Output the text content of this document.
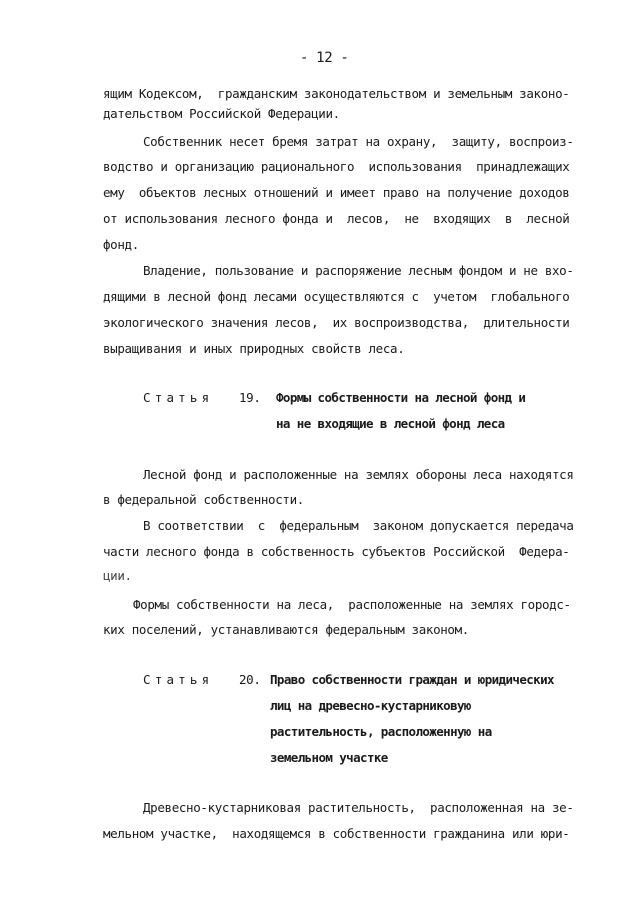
- 12 -
ящим Кодексом,  гражданским законодательством и земельным законо-
дательством Российской Федерации.
Собственник несет бремя затрат на охрану,  защиту, воспроиз-
водство и организацию рационального  использования  принадлежащих
ему  объектов лесных отношений и имеет право на получение доходов
от использования лесного фонда и  лесов,  не  входящих  в  лесной
фонд.
Владение, пользование и распоряжение лесным фондом и не вхо-
дящими в лесной фонд лесами осуществляются с  учетом  глобального
экологического значения лесов,  их воспроизводства,  длительности
выращивания и иных природных свойств леса.
Статья 19. Формы собственности на лесной фонд и
на не входящие в лесной фонд леса
Лесной фонд и расположенные на землях обороны леса находятся
в федеральной собственности.
В соответствии  с  федеральным  законом допускается передача
части лесного фонда в собственность субъектов Российской  Федера-
ции.
Формы собственности на леса,  расположенные на землях городс-
ких поселений, устанавливаются федеральным законом.
Статья 20. Право собственности граждан и юридических
лиц на древесно-кустарниковую
растительность, расположенную на
земельном участке
Древесно-кустарниковая растительность,  расположенная на зе-
мельном участке,  находящемся в собственности гражданина или юри-
